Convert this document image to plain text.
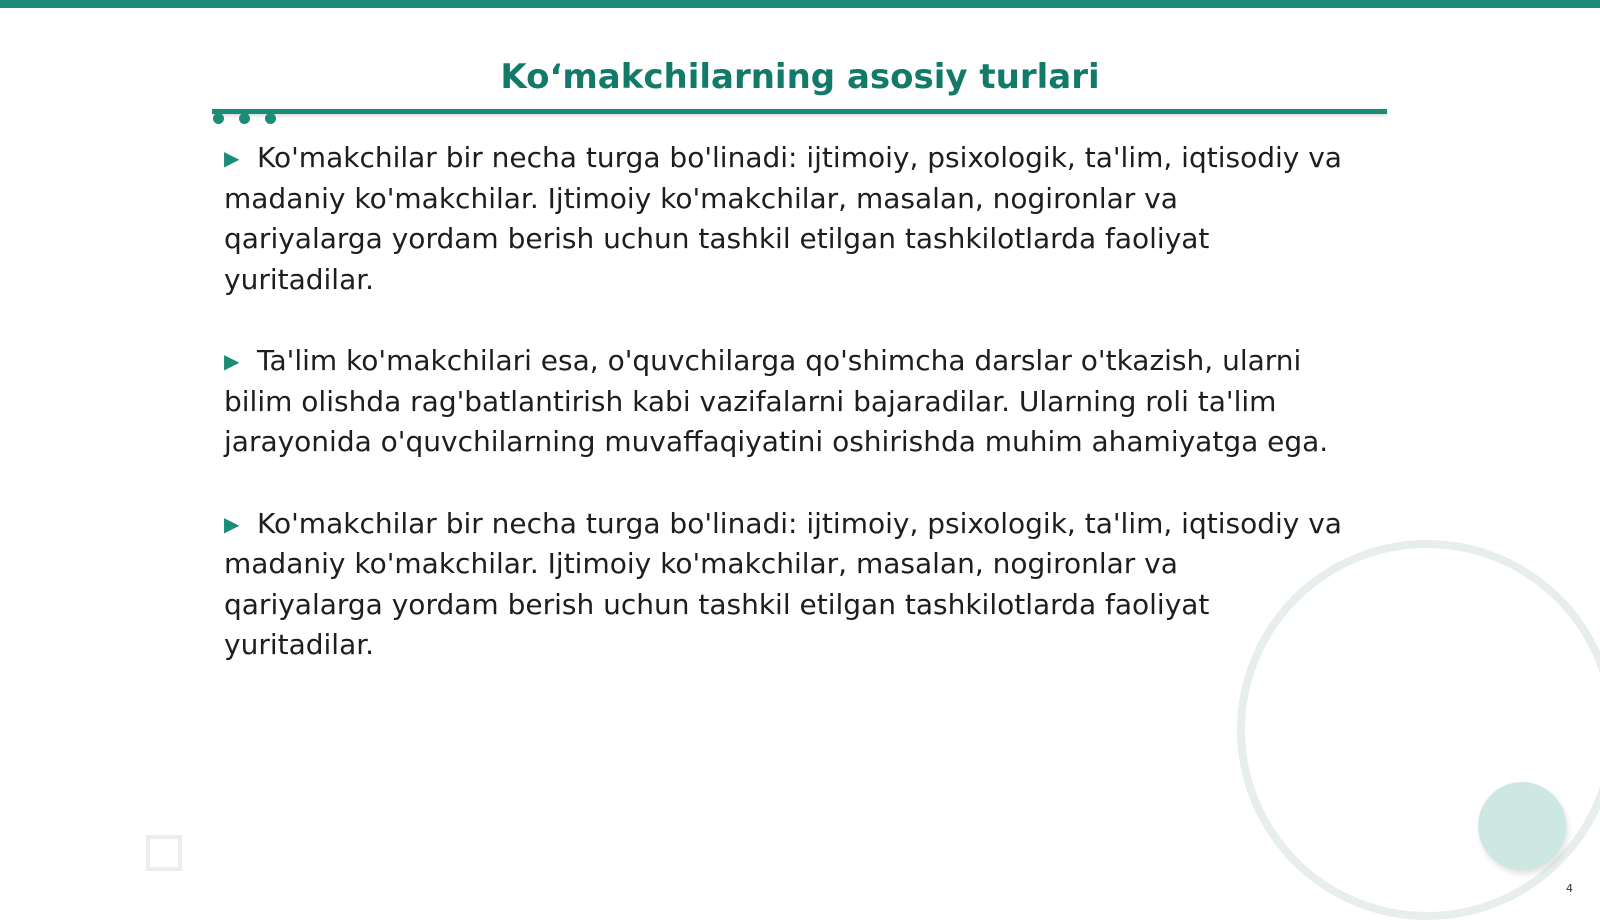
Koʻmakchilarning asosiy turlari

▶ Ko'makchilar bir necha turga bo'linadi: ijtimoiy, psixologik, ta'lim, iqtisodiy va madaniy ko'makchilar. Ijtimoiy ko'makchilar, masalan, nogironlar va qariyalarga yordam berish uchun tashkil etilgan tashkilotlarda faoliyat yuritadilar.

▶ Ta'lim ko'makchilari esa, o'quvchilarga qo'shimcha darslar o'tkazish, ularni bilim olishda rag'batlantirish kabi vazifalarni bajaradilar. Ularning roli ta'lim jarayonida o'quvchilarning muvaffaqiyatini oshirishda muhim ahamiyatga ega.

▶ Ko'makchilar bir necha turga bo'linadi: ijtimoiy, psixologik, ta'lim, iqtisodiy va madaniy ko'makchilar. Ijtimoiy ko'makchilar, masalan, nogironlar va qariyalarga yordam berish uchun tashkil etilgan tashkilotlarda faoliyat yuritadilar.

4
